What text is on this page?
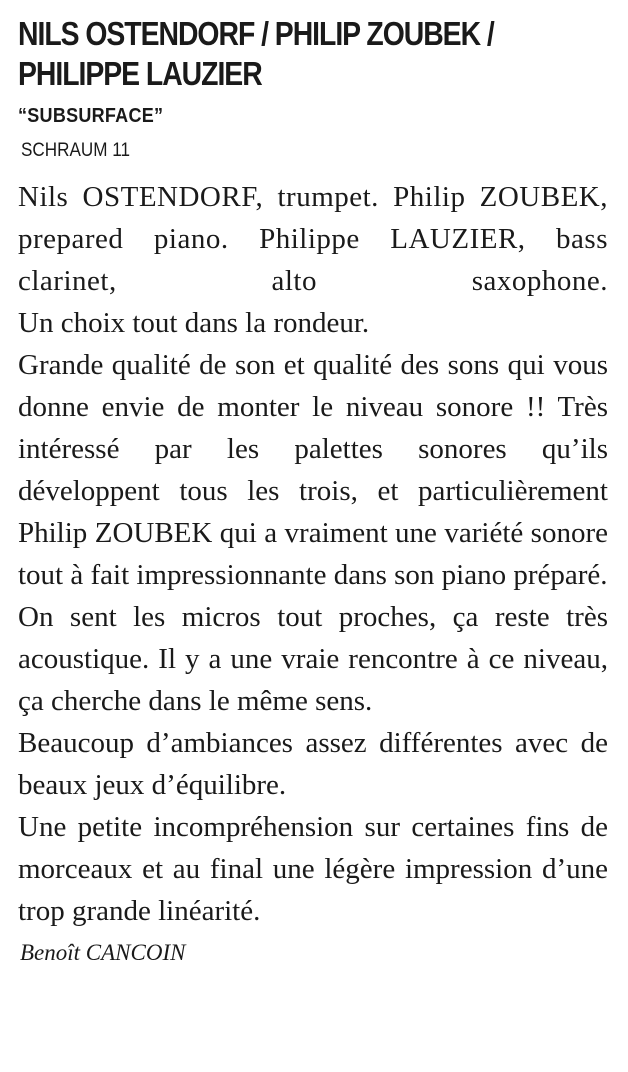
NILS OSTENDORF / PHILIP ZOUBEK /
PHILIPPE LAUZIER
“SUBSURFACE”
SCHRAUM 11

Nils OSTENDORF, trumpet. Philip ZOUBEK, prepared piano. Philippe LAUZIER, bass clarinet, alto saxophone.

Un choix tout dans la rondeur.

Grande qualité de son et qualité des sons qui vous donne envie de monter le niveau sonore !! Très intéressé par les palettes sonores qu’ils développent tous les trois, et particulièrement Philip ZOUBEK qui a vraiment une variété sonore tout à fait impressionnante dans son piano préparé.

On sent les micros tout proches, ça reste très acoustique. Il y a une vraie rencontre à ce niveau, ça cherche dans le même sens.

Beaucoup d’ambiances assez différentes avec de beaux jeux d’équilibre.

Une petite incompréhension sur certaines fins de morceaux et au final une légère impression d’une trop grande linéarité.

Benoît CANCOIN
